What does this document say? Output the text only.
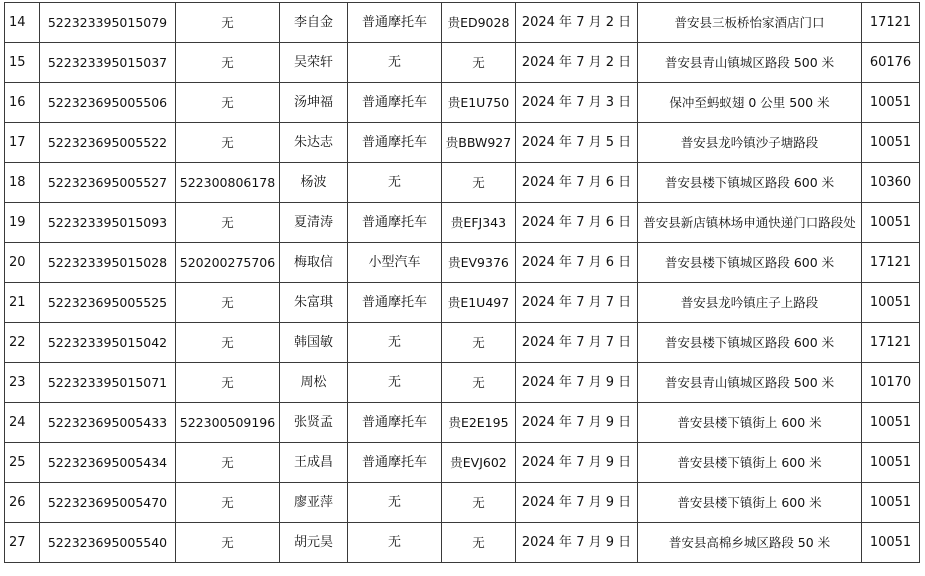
14	522323395015079	无	李自金	普通摩托车	贵ED9028	2024 年 7 月 2 日	普安县三板桥怡家酒店门口	17121
15	522323395015037	无	吴荣轩	无	无	2024 年 7 月 2 日	普安县青山镇城区路段 500 米	60176
16	522323695005506	无	汤坤福	普通摩托车	贵E1U750	2024 年 7 月 3 日	保冲至蚂蚁翅 0 公里 500 米	10051
17	522323695005522	无	朱达志	普通摩托车	贵BBW927	2024 年 7 月 5 日	普安县龙吟镇沙子塘路段	10051
18	522323695005527	522300806178	杨波	无	无	2024 年 7 月 6 日	普安县楼下镇城区路段 600 米	10360
19	522323395015093	无	夏清涛	普通摩托车	贵EFJ343	2024 年 7 月 6 日	普安县新店镇林场申通快递门口路段处	10051
20	522323395015028	520200275706	梅取信	小型汽车	贵EV9376	2024 年 7 月 6 日	普安县楼下镇城区路段 600 米	17121
21	522323695005525	无	朱富琪	普通摩托车	贵E1U497	2024 年 7 月 7 日	普安县龙吟镇庄子上路段	10051
22	522323395015042	无	韩国敏	无	无	2024 年 7 月 7 日	普安县楼下镇城区路段 600 米	17121
23	522323395015071	无	周松	无	无	2024 年 7 月 9 日	普安县青山镇城区路段 500 米	10170
24	522323695005433	522300509196	张贤孟	普通摩托车	贵E2E195	2024 年 7 月 9 日	普安县楼下镇街上 600 米	10051
25	522323695005434	无	王成昌	普通摩托车	贵EVJ602	2024 年 7 月 9 日	普安县楼下镇街上 600 米	10051
26	522323695005470	无	廖亚萍	无	无	2024 年 7 月 9 日	普安县楼下镇街上 600 米	10051
27	522323695005540	无	胡元昊	无	无	2024 年 7 月 9 日	普安县高棉乡城区路段 50 米	10051
